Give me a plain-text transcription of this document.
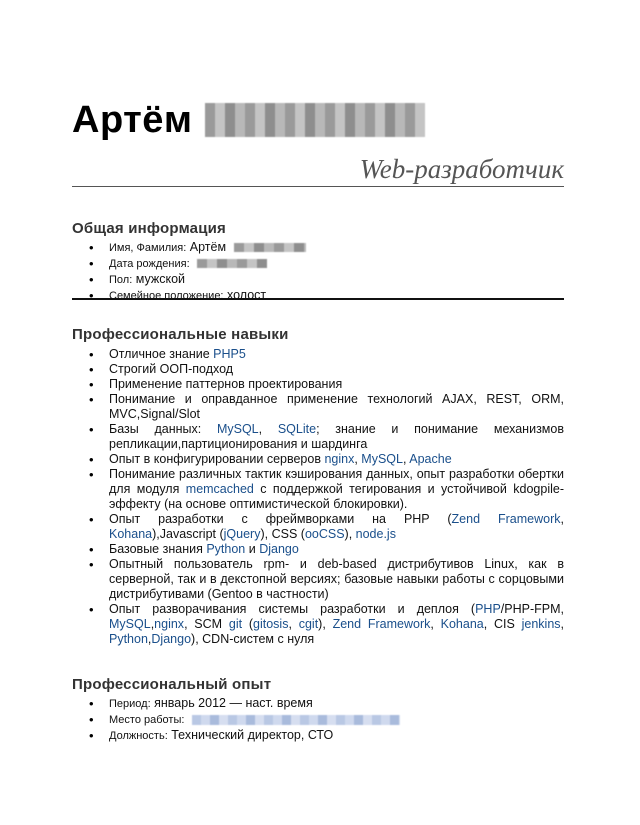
Артём
Web-разработчик
Общая информация
• Имя, Фамилия: Артём
• Дата рождения:
• Пол: мужской
• Семейное положение: холост
Профессиональные навыки
• Отличное знание PHP5
• Строгий ООП-подход
• Применение паттернов проектирования
• Понимание и оправданное применение технологий AJAX, REST, ORM, MVC,Signal/Slot
• Базы данных: MySQL, SQLite; знание и понимание механизмов репликации,партиционирования и шардинга
• Опыт в конфигурировании серверов nginx, MySQL, Apache
• Понимание различных тактик кэширования данных, опыт разработки обертки для модуля memcached с поддержкой тегирования и устойчивой kdogpile-эффекту (на основе оптимистической блокировки).
• Опыт разработки с фреймворками на PHP (Zend Framework, Kohana),Javascript (jQuery), CSS (ooCSS), node.js
• Базовые знания Python и Django
• Опытный пользователь rpm- и deb-based дистрибутивов Linux, как в серверной, так и в декстопной версиях; базовые навыки работы с сорцовыми дистрибутивами (Gentoo в частности)
• Опыт разворачивания системы разработки и деплоя (PHP/PHP-FPM, MySQL,nginx, SCM git (gitosis, cgit), Zend Framework, Kohana, CIS jenkins, Python,Django), CDN-систем с нуля
Профессиональный опыт
• Период: январь 2012 — наст. время
• Место работы:
• Должность: Технический директор, СТО
